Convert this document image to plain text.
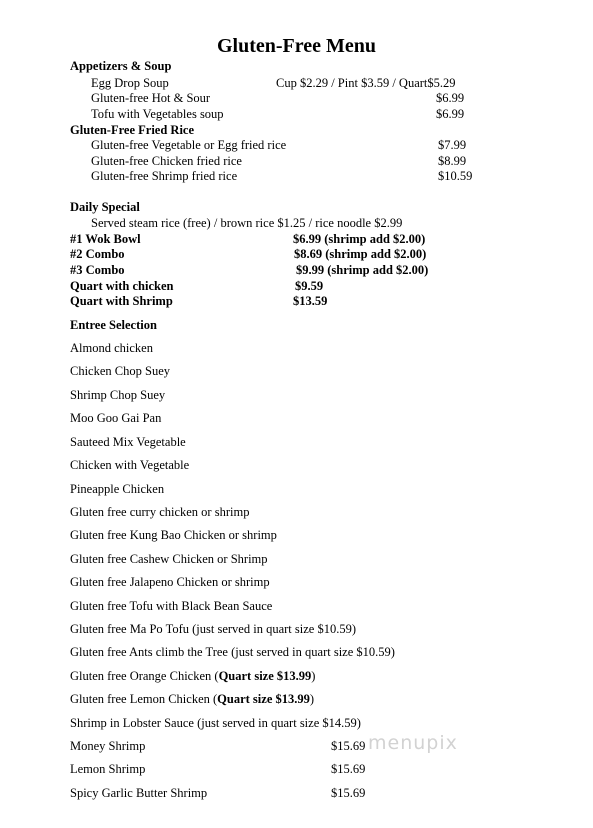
Gluten-Free Menu
Appetizers & Soup
Egg Drop Soup	Cup $2.29 / Pint $3.59 / Quart$5.29
Gluten-free Hot & Sour	$6.99
Tofu with Vegetables soup	$6.99
Gluten-Free Fried Rice
Gluten-free Vegetable or Egg fried rice	$7.99
Gluten-free Chicken fried rice	$8.99
Gluten-free Shrimp fried rice	$10.59
Daily Special
Served steam rice (free) / brown rice $1.25 / rice noodle $2.99
#1 Wok Bowl	$6.99 (shrimp add $2.00)
#2 Combo	$8.69 (shrimp add $2.00)
#3 Combo	$9.99 (shrimp add $2.00)
Quart with chicken	$9.59
Quart with Shrimp	$13.59
Entree Selection
Almond chicken
Chicken Chop Suey
Shrimp Chop Suey
Moo Goo Gai Pan
Sauteed Mix Vegetable
Chicken with Vegetable
Pineapple Chicken
Gluten free curry chicken or shrimp
Gluten free Kung Bao Chicken or shrimp
Gluten free Cashew Chicken or Shrimp
Gluten free Jalapeno Chicken or shrimp
Gluten free Tofu with Black Bean Sauce
Gluten free Ma Po Tofu (just served in quart size $10.59)
Gluten free Ants climb the Tree (just served in quart size $10.59)
Gluten free Orange Chicken (Quart size $13.99)
Gluten free Lemon Chicken (Quart size $13.99)
Shrimp in Lobster Sauce (just served in quart size $14.59)
Money Shrimp	$15.69
Lemon Shrimp	$15.69
Spicy Garlic Butter Shrimp	$15.69
menupix
